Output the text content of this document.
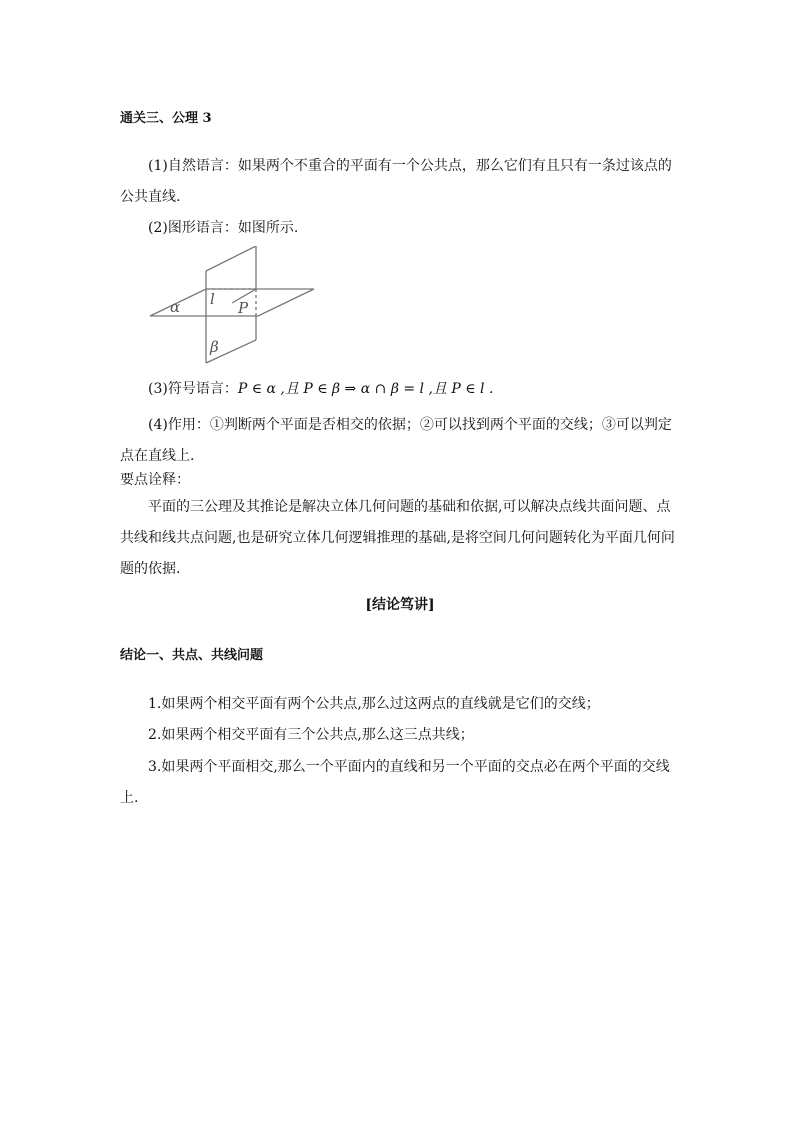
通关三、公理 3

(1)自然语言：如果两个不重合的平面有一个公共点，那么它们有且只有一条过该点的公共直线.

(2)图形语言：如图所示.

α l P
β

(3)符号语言：P ∈ α ,且 P ∈ β ⇒ α ∩ β = l ,且 P ∈ l .

(4)作用：①判断两个平面是否相交的依据；②可以找到两个平面的交线；③可以判定点在直线上.

要点诠释：

平面的三公理及其推论是解决立体几何问题的基础和依据,可以解决点线共面问题、点共线和线共点问题,也是研究立体几何逻辑推理的基础,是将空间几何问题转化为平面几何问题的依据.

[结论笃讲]
结论一、共点、共线问题

1.如果两个相交平面有两个公共点,那么过这两点的直线就是它们的交线；

2.如果两个相交平面有三个公共点,那么这三点共线；

3.如果两个平面相交,那么一个平面内的直线和另一个平面的交点必在两个平面的交线上.
